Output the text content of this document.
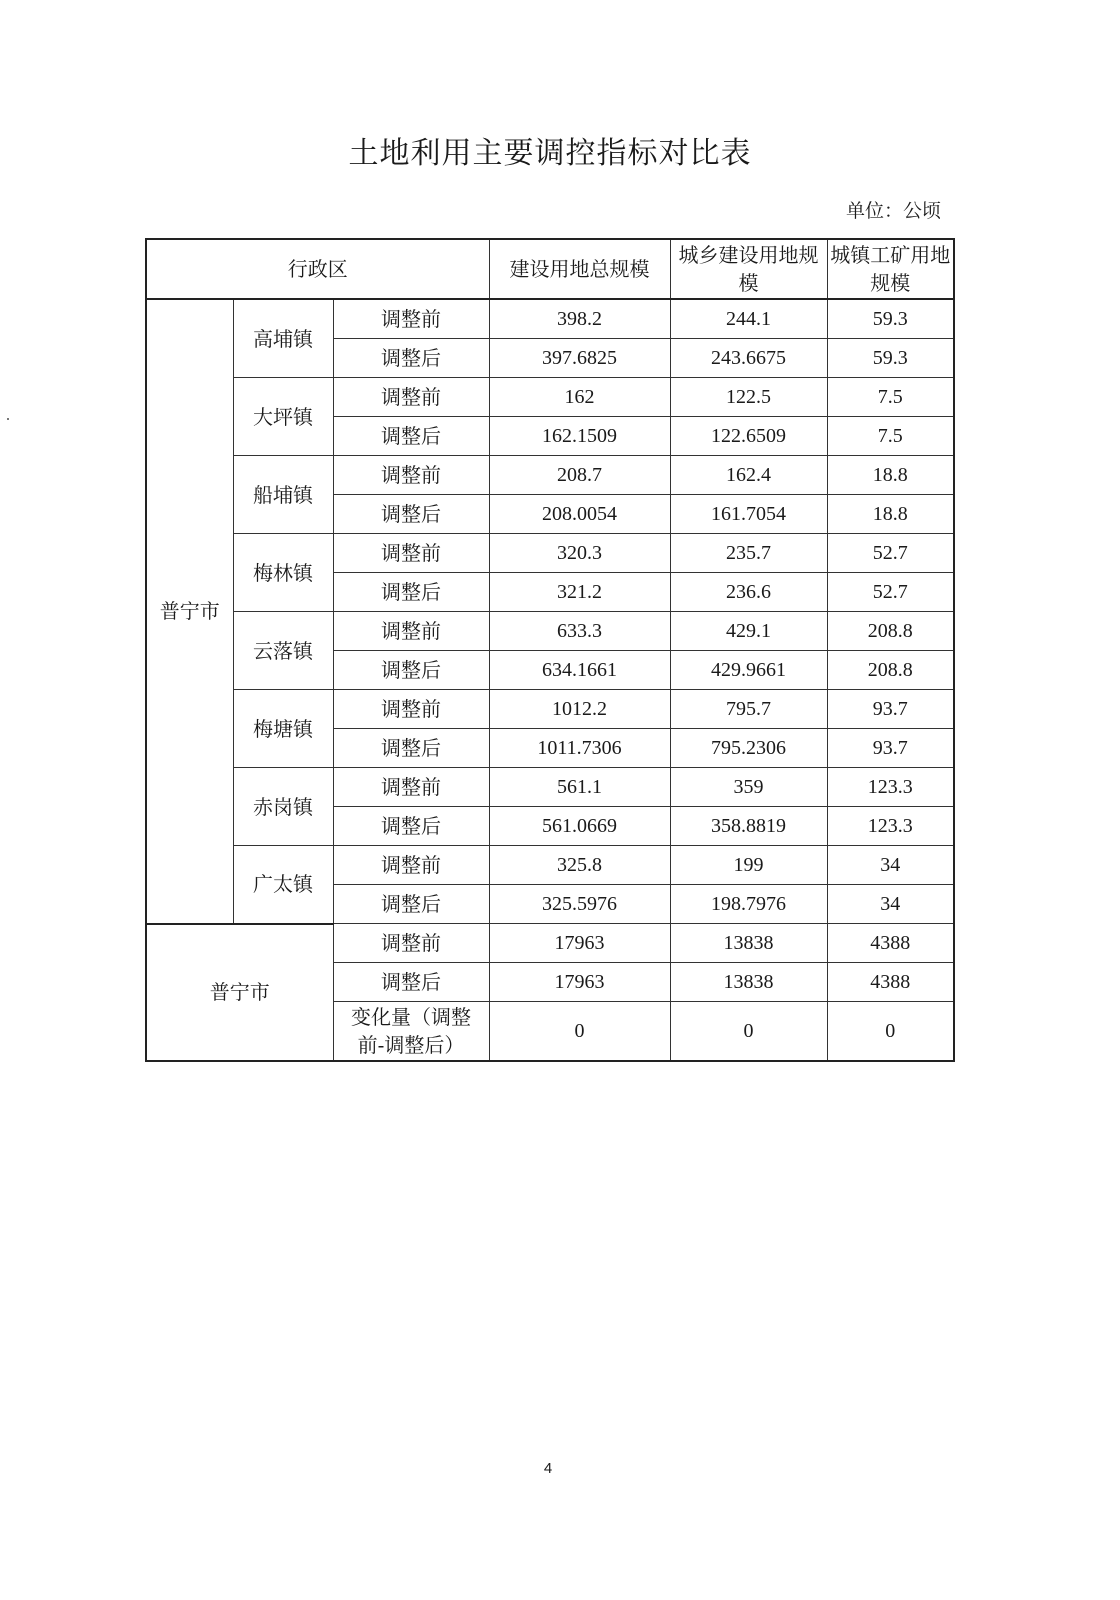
土地利用主要调控指标对比表
单位：公顷
行政区			建设用地总规模	城乡建设用地规模	城镇工矿用地规模
普宁市	高埔镇	调整前	398.2	244.1	59.3
		调整后	397.6825	243.6675	59.3
	大坪镇	调整前	162	122.5	7.5
		调整后	162.1509	122.6509	7.5
	船埔镇	调整前	208.7	162.4	18.8
		调整后	208.0054	161.7054	18.8
	梅林镇	调整前	320.3	235.7	52.7
		调整后	321.2	236.6	52.7
	云落镇	调整前	633.3	429.1	208.8
		调整后	634.1661	429.9661	208.8
	梅塘镇	调整前	1012.2	795.7	93.7
		调整后	1011.7306	795.2306	93.7
	赤岗镇	调整前	561.1	359	123.3
		调整后	561.0669	358.8819	123.3
	广太镇	调整前	325.8	199	34
		调整后	325.5976	198.7976	34
普宁市		调整前	17963	13838	4388
		调整后	17963	13838	4388
		变化量（调整前-调整后）	0	0	0
4
